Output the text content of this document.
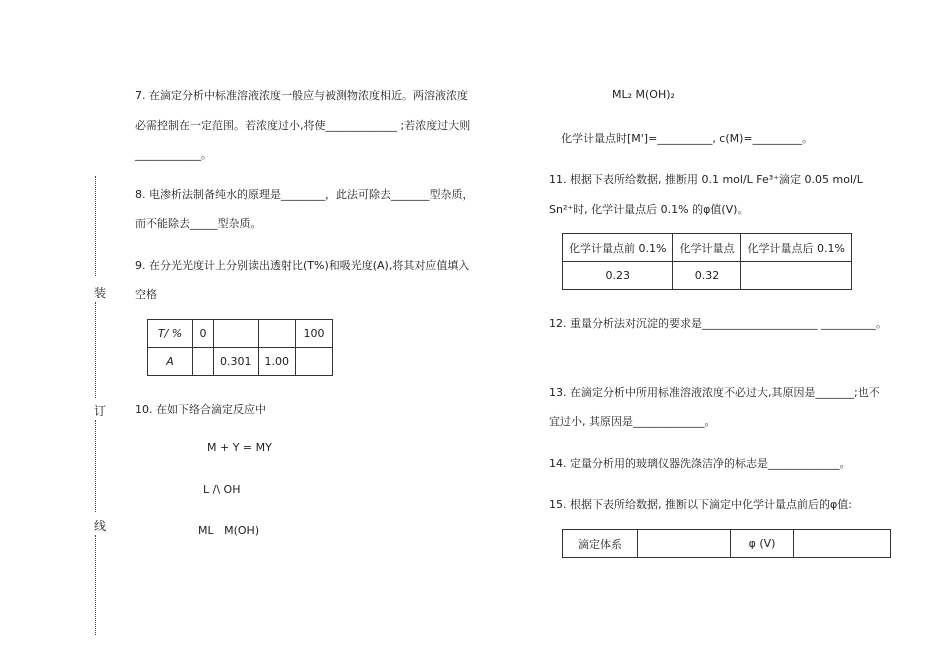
装
订
线
7. 在滴定分析中标准溶液浓度一般应与被测物浓度相近。两溶液浓度
必需控制在一定范围。若浓度过小,将使_____________ ;若浓度过大则
____________。
8. 电渗析法制备纯水的原理是________，此法可除去_______型杂质，
而不能除去_____型杂质。
9. 在分光光度计上分别读出透射比(T%)和吸光度(A),将其对应值填入
空格
T/ %	0			100
A		0.301	1.00	
10. 在如下络合滴定反应中
M + Y = MY
L /\ OH
ML   M(OH)
ML₂ M(OH)₂
化学计量点时[M']=__________, c(M)=_________。
11. 根据下表所给数据, 推断用 0.1 mol/L Fe³⁺滴定 0.05 mol/L
Sn²⁺时, 化学计量点后 0.1% 的φ值(V)。
化学计量点前 0.1%	化学计量点	化学计量点后 0.1%
0.23	0.32	
12. 重量分析法对沉淀的要求是_____________________ __________。
13. 在滴定分析中所用标准溶液浓度不必过大,其原因是_______;也不
宜过小, 其原因是_____________。
14. 定量分析用的玻璃仪器洗涤洁净的标志是_____________。
15. 根据下表所给数据, 推断以下滴定中化学计量点前后的φ值:
滴定体系		φ (V)	
